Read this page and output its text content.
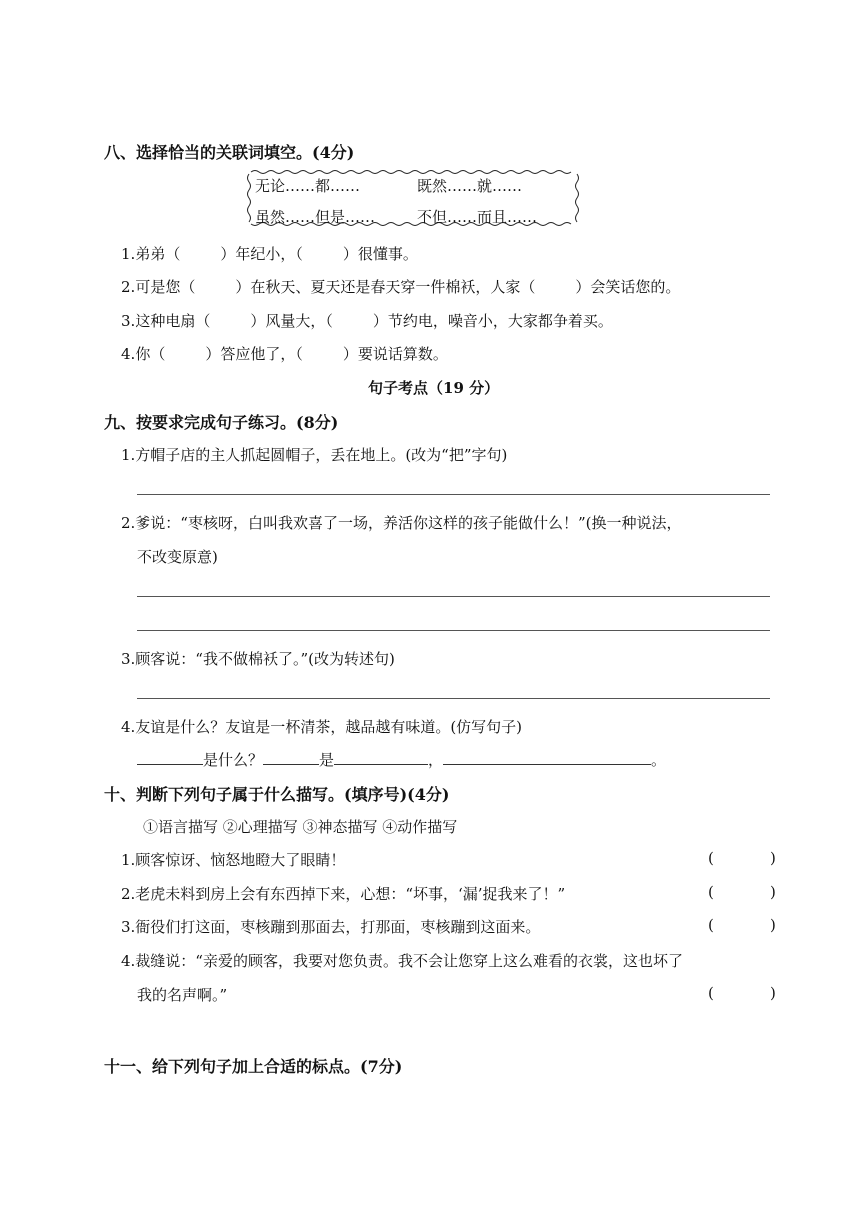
八、选择恰当的关联词填空。(4分)
无论……都……	既然……就……
虽然……但是……	不但……而且……
1.弟弟（	）年纪小，（	）很懂事。
2.可是您（	）在秋天、夏天还是春天穿一件棉袄，人家（	）会笑话您的。
3.这种电扇（	）风量大，（	）节约电，噪音小，大家都争着买。
4.你（	）答应他了，（	）要说话算数。
句子考点（19 分）
九、按要求完成句子练习。(8分)
1.方帽子店的主人抓起圆帽子，丢在地上。(改为“把”字句)
2.爹说：“枣核呀，白叫我欢喜了一场，养活你这样的孩子能做什么！”(换一种说法，
不改变原意)
3.顾客说：“我不做棉袄了。”(改为转述句)
4.友谊是什么？友谊是一杯清茶，越品越有味道。(仿写句子)
是什么？	是	，	。
十、判断下列句子属于什么描写。(填序号)(4分)
①语言描写 ②心理描写 ③神态描写 ④动作描写
1.顾客惊讶、恼怒地瞪大了眼睛！	(	)
2.老虎未料到房上会有东西掉下来，心想：“坏事，‘漏’捉我来了！”	(	)
3.衙役们打这面，枣核蹦到那面去，打那面，枣核蹦到这面来。	(	)
4.裁缝说：“亲爱的顾客，我要对您负责。我不会让您穿上这么难看的衣裳，这也坏了
我的名声啊。”	(	)
十一、给下列句子加上合适的标点。(7分)
